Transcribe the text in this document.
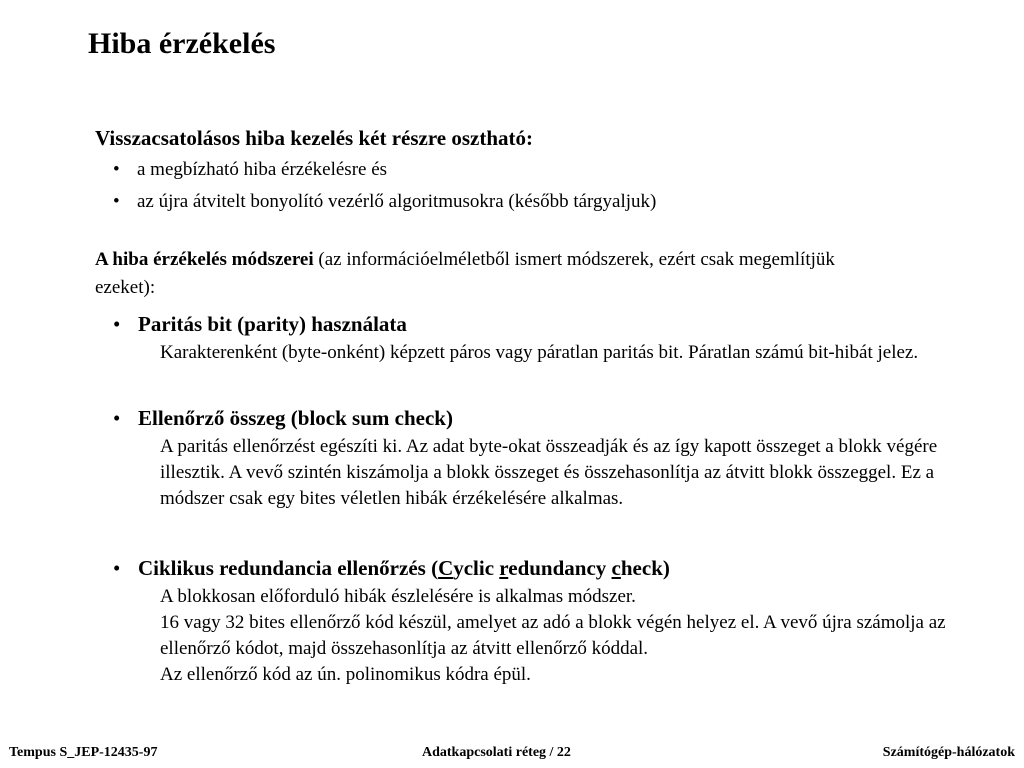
Hiba érzékelés
Visszacsatolásos hiba kezelés két részre osztható:
• a megbízható hiba érzékelésre és
• az újra átvitelt bonyolító vezérlő algoritmusokra (később tárgyaljuk)

A hiba érzékelés módszerei (az információelméletből ismert módszerek, ezért csak megemlítjük ezeket):

• Paritás bit (parity) használata
Karakterenként (byte-onként) képzett páros vagy páratlan paritás bit. Páratlan számú bit-hibát jelez.
• Ellenőrző összeg (block sum check)
A paritás ellenőrzést egészíti ki. Az adat byte-okat összeadják és az így kapott összeget a blokk végére illesztik. A vevő szintén kiszámolja a blokk összeget és összehasonlítja az átvitt blokk összeggel. Ez a módszer csak egy bites véletlen hibák érzékelésére alkalmas.
• Ciklikus redundancia ellenőrzés (Cyclic redundancy check)
A blokkosan előforduló hibák észlelésére is alkalmas módszer.
16 vagy 32 bites ellenőrző kód készül, amelyet az adó a blokk végén helyez el. A vevő újra számolja az ellenőrző kódot, majd összehasonlítja az átvitt ellenőrző kóddal.
Az ellenőrző kód az ún. polinomikus kódra épül.
Tempus S_JEP-12435-97	Adatkapcsolati réteg / 22	Számítógép-hálózatok
